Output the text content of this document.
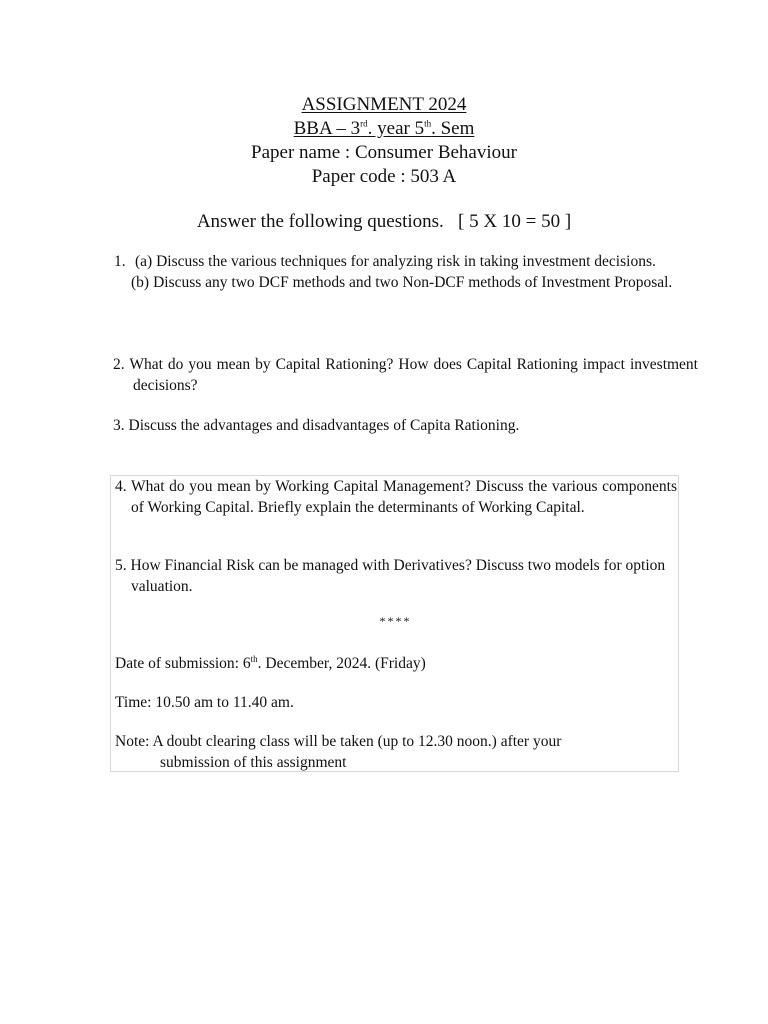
ASSIGNMENT 2024
BBA – 3rd. year 5th. Sem
Paper name : Consumer Behaviour
Paper code : 503 A
Answer the following questions.   [ 5 X 10 = 50 ]
1. (a) Discuss the various techniques for analyzing risk in taking investment decisions.
(b) Discuss any two DCF methods and two Non-DCF methods of Investment Proposal.
2. What do you mean by Capital Rationing? How does Capital Rationing impact investment decisions?
3. Discuss the advantages and disadvantages of Capita Rationing.
4. What do you mean by Working Capital Management? Discuss the various components of Working Capital. Briefly explain the determinants of Working Capital.
5. How Financial Risk can be managed with Derivatives? Discuss two models for option valuation.
****
Date of submission: 6th. December, 2024. (Friday)
Time: 10.50 am to 11.40 am.
Note: A doubt clearing class will be taken (up to 12.30 noon.) after your
submission of this assignment
